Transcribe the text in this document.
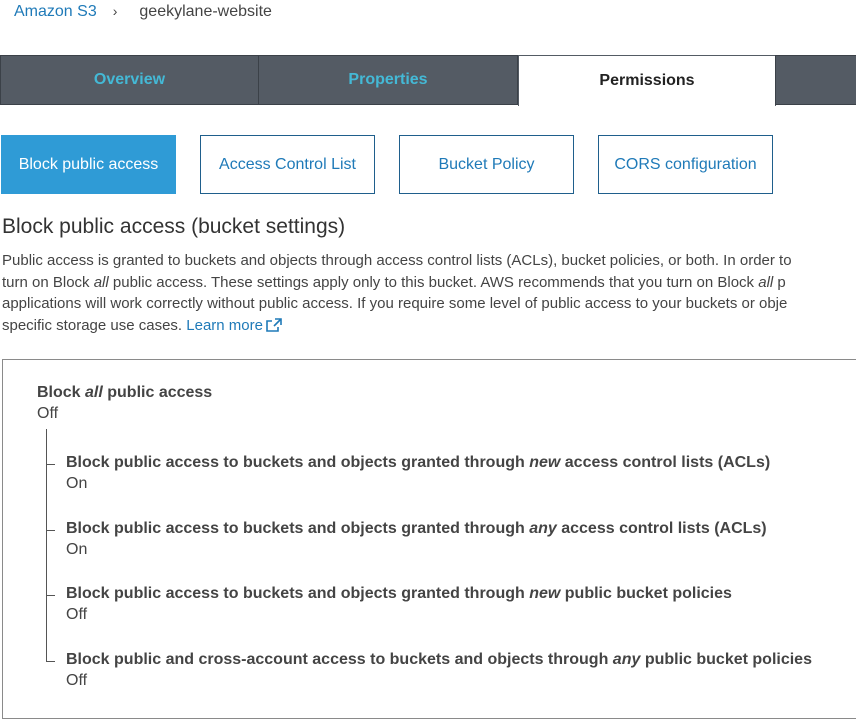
Amazon S3 › geekylane-website
Overview	Properties	Permissions
Block public access	Access Control List	Bucket Policy	CORS configuration
Block public access (bucket settings)
Public access is granted to buckets and objects through access control lists (ACLs), bucket policies, or both. In order to
turn on Block all public access. These settings apply only to this bucket. AWS recommends that you turn on Block all p
applications will work correctly without public access. If you require some level of public access to your buckets or obje
specific storage use cases. Learn more
Block all public access
Off
Block public access to buckets and objects granted through new access control lists (ACLs)
On
Block public access to buckets and objects granted through any access control lists (ACLs)
On
Block public access to buckets and objects granted through new public bucket policies
Off
Block public and cross-account access to buckets and objects through any public bucket policies
Off
